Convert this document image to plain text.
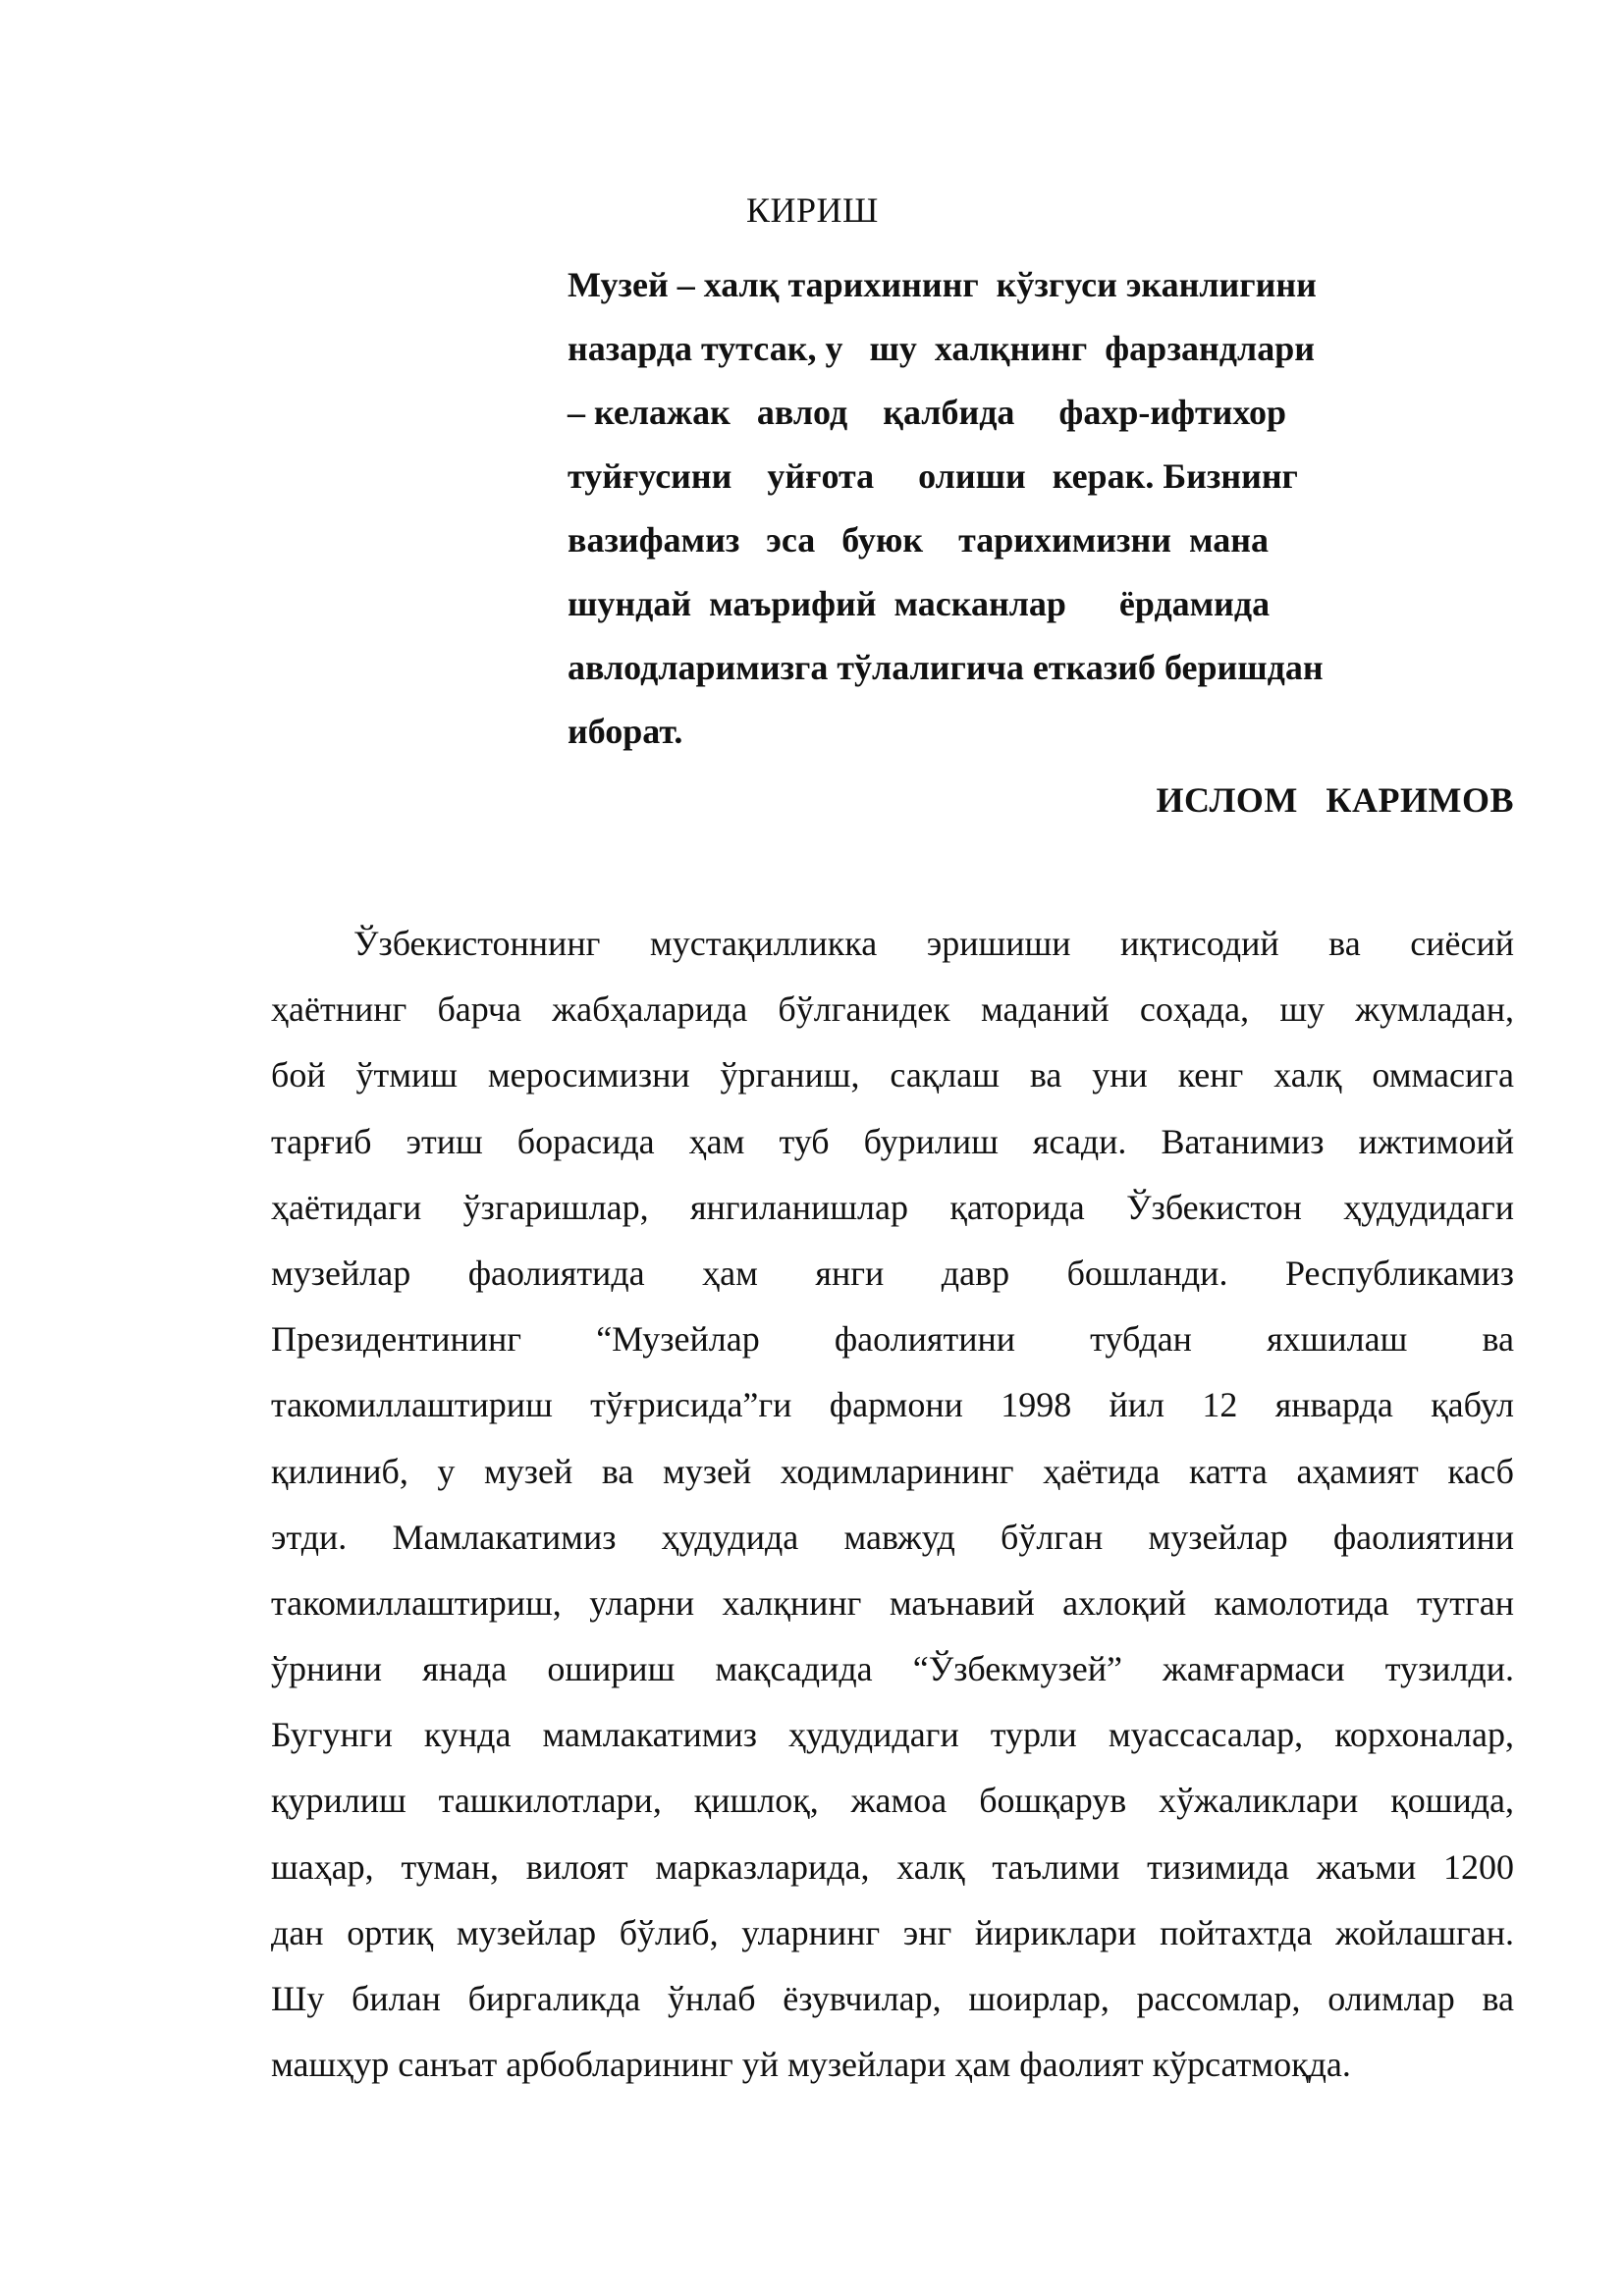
КИРИШ
Музей – халқ тарихининг  кўзгуси эканлигини
назарда тутсак, у   шу  халқнинг  фарзандлари
– келажак   авлод    қалбида     фахр-ифтихор
туйғусини    уйғота     олиши   керак. Бизнинг
вазифамиз   эса   буюк    тарихимизни  мана
шундай  маърифий  масканлар      ёрдамида
авлодларимизга тўлалигича етказиб беришдан
иборат.
ИСЛОМ   КАРИМОВ
Ўзбекистоннинг мустақилликка эришиши иқтисодий ва сиёсий
ҳаётнинг барча жабҳаларида бўлганидек маданий соҳада, шу жумладан,
бой ўтмиш меросимизни ўрганиш, сақлаш ва уни кенг халқ оммасига
тарғиб этиш борасида ҳам туб бурилиш ясади. Ватанимиз ижтимоий
ҳаётидаги ўзгаришлар, янгиланишлар қаторида Ўзбекистон ҳудудидаги
музейлар фаолиятида ҳам янги давр бошланди. Республикамиз
Президентининг “Музейлар фаолиятини тубдан яхшилаш ва
такомиллаштириш тўғрисида”ги фармони 1998 йил 12 январда қабул
қилиниб, у музей ва музей ходимларининг ҳаётида катта аҳамият касб
этди. Мамлакатимиз ҳудудида мавжуд бўлган музейлар фаолиятини
такомиллаштириш, уларни халқнинг маънавий ахлоқий камолотида тутган
ўрнини янада ошириш мақсадида “Ўзбекмузей” жамғармаси тузилди.
Бугунги кунда мамлакатимиз ҳудудидаги турли муассасалар, корхоналар,
қурилиш ташкилотлари, қишлоқ, жамоа бошқарув хўжаликлари қошида,
шаҳар, туман, вилоят марказларида, халқ таълими тизимида жаъми 1200
дан ортиқ музейлар бўлиб, уларнинг энг йириклари пойтахтда жойлашган.
Шу билан биргаликда ўнлаб ёзувчилар, шоирлар, рассомлар, олимлар ва
машҳур санъат арбобларининг уй музейлари ҳам фаолият кўрсатмоқда.
